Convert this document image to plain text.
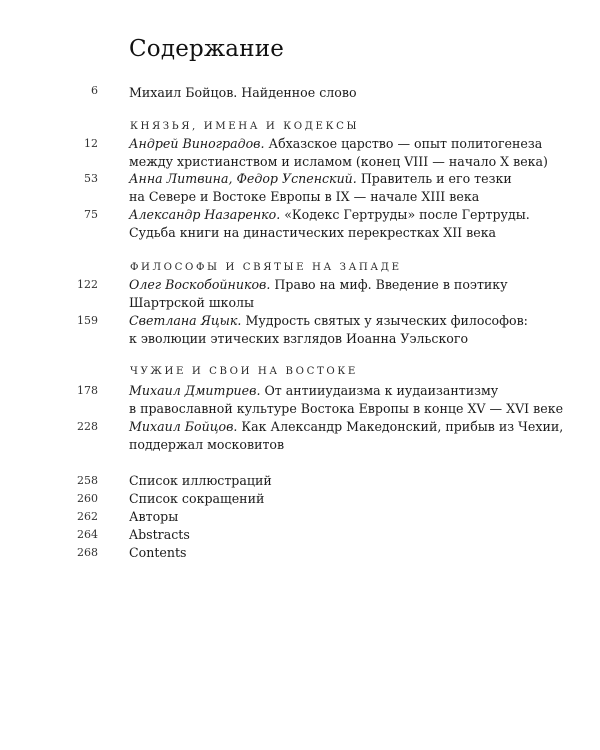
Содержание
6 Михаил Бойцов. Найденное слово
КНЯЗЬЯ, ИМЕНА И КОДЕКСЫ
12 Андрей Виноградов. Абхазское царство — опыт политогенеза
между христианством и исламом (конец VIII — начало X века)
53 Анна Литвина, Федор Успенский. Правитель и его тезки
на Севере и Востоке Европы в IX — начале XIII века
75 Александр Назаренко. «Кодекс Гертруды» после Гертруды.
Судьба книги на династических перекрестках XII века
ФИЛОСОФЫ И СВЯТЫЕ НА ЗАПАДЕ
122 Олег Воскобойников. Право на миф. Введение в поэтику
Шартрской школы
159 Светлана Яцык. Мудрость святых у языческих философов:
к эволюции этических взглядов Иоанна Уэльского
ЧУЖИЕ И СВОИ НА ВОСТОКЕ
178 Михаил Дмитриев. От антииудаизма к иудаизантизму
в православной культуре Востока Европы в конце XV — XVI веке
228 Михаил Бойцов. Как Александр Македонский, прибыв из Чехии,
поддержал московитов
258 Список иллюстраций
260 Список сокращений
262 Авторы
264 Abstracts
268 Contents
